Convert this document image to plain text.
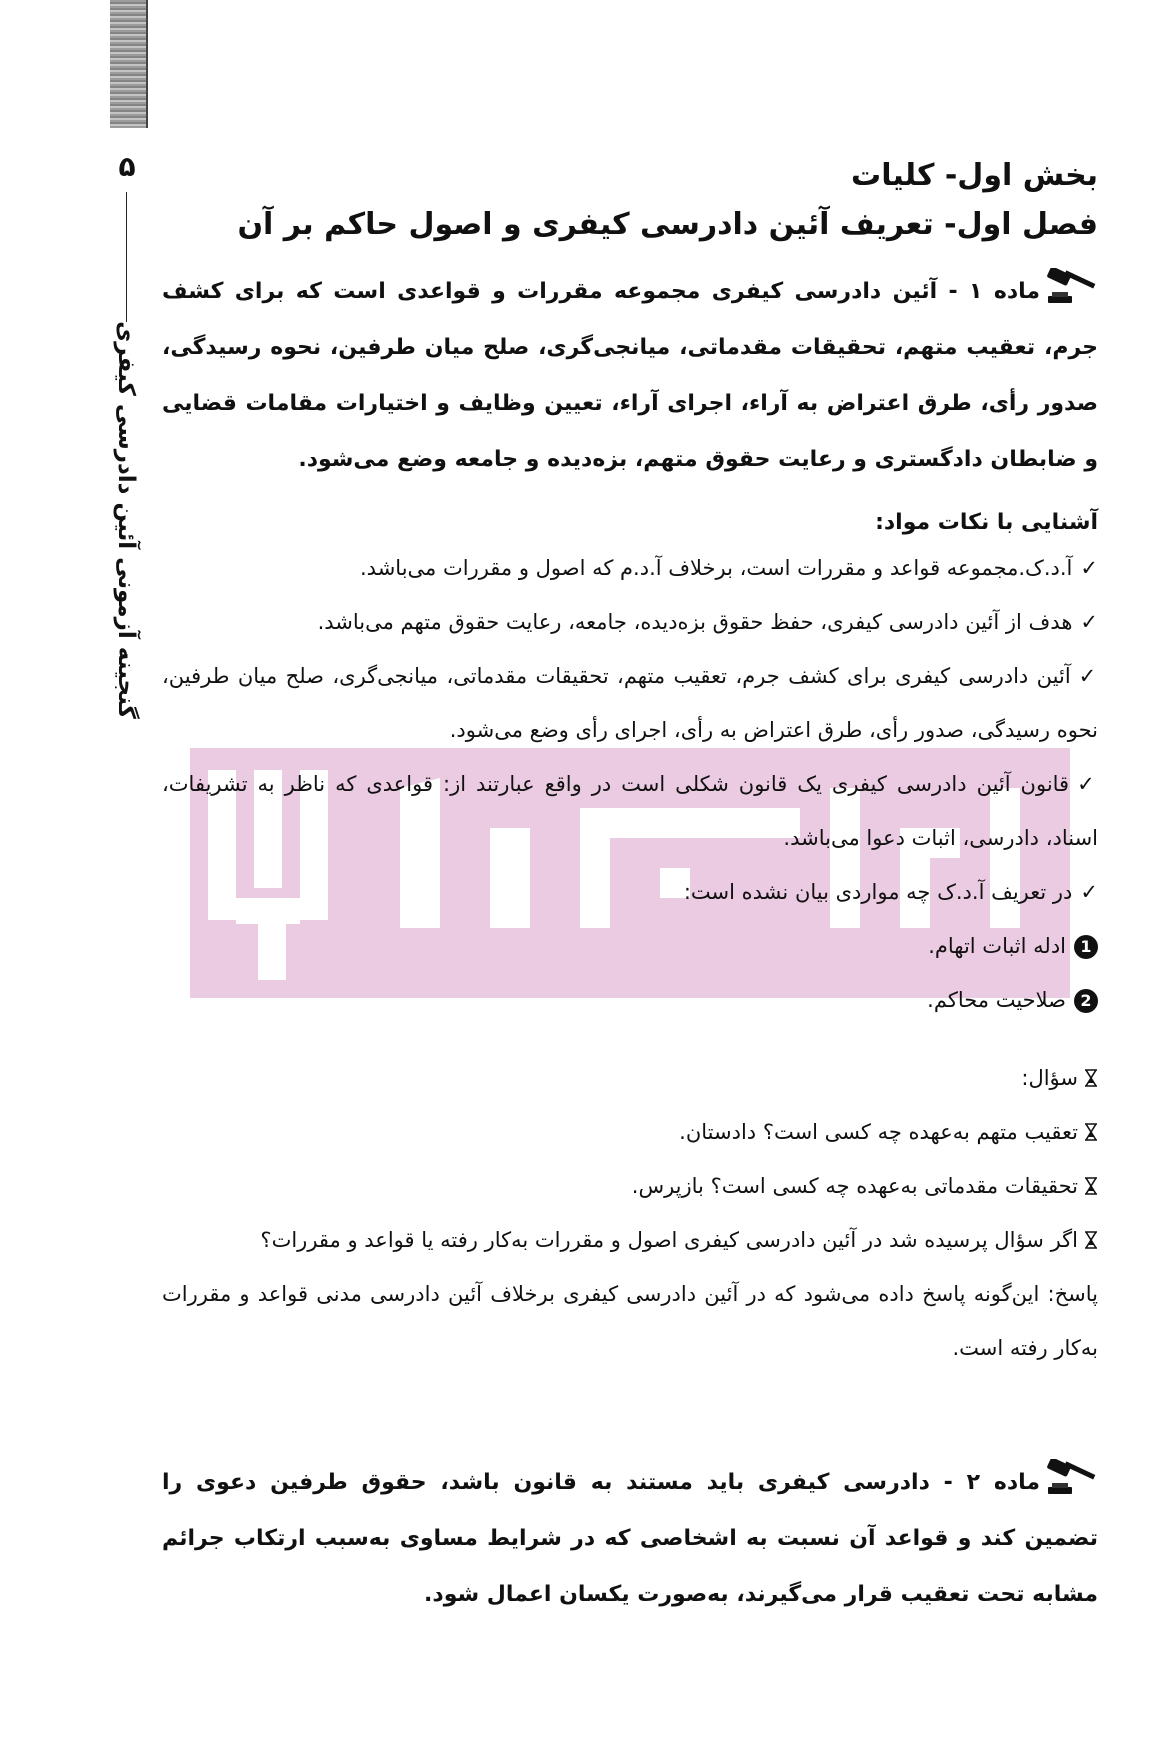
۵
گنجینه آزمونی آئین دادرسی کیفری
بخش اول- کلیات
فصل اول- تعریف آئین دادرسی کیفری و اصول حاکم بر آن

ماده ۱ - آئین دادرسی کیفری مجموعه مقررات و قواعدی است که برای کشف جرم، تعقیب متهم، تحقیقات مقدماتی، میانجی‌گری، صلح میان طرفین، نحوه رسیدگی، صدور رأی، طرق اعتراض به آراء، اجرای آراء، تعیین وظایف و اختیارات مقامات قضایی و ضابطان دادگستری و رعایت حقوق متهم، بزه‌دیده و جامعه وضع می‌شود.

آشنایی با نکات مواد:

✓آ.د.ک.مجموعه قواعد و مقررات است، برخلاف آ.د.م که اصول و مقررات می‌باشد.

✓هدف از آئین دادرسی کیفری، حفظ حقوق بزه‌دیده، جامعه، رعایت حقوق متهم می‌باشد.

✓آئین دادرسی کیفری برای کشف جرم، تعقیب متهم، تحقیقات مقدماتی، میانجی‌گری، صلح میان طرفین، نحوه رسیدگی، صدور رأی، طرق اعتراض به رأی، اجرای رأی وضع می‌شود.

✓قانون آئین دادرسی کیفری یک قانون شکلی است در واقع عبارتند از: قواعدی که ناظر به تشریفات، اسناد، دادرسی، اثبات دعوا می‌باشد.

✓در تعریف آ.د.ک چه مواردی بیان نشده است:

1ادله اثبات اتهام.

2صلاحیت محاکم.

سؤال:

تعقیب متهم به‌عهده چه کسی است؟ دادستان.

تحقیقات مقدماتی به‌عهده چه کسی است؟ بازپرس.

اگر سؤال پرسیده شد در آئین دادرسی کیفری اصول و مقررات به‌کار رفته یا قواعد و مقررات؟

پاسخ: این‌گونه پاسخ داده می‌شود که در آئین دادرسی کیفری برخلاف آئین دادرسی مدنی قواعد و مقررات به‌کار رفته است.

ماده ۲ - دادرسی کیفری باید مستند به قانون باشد، حقوق طرفین دعوی را تضمین کند و قواعد آن نسبت به اشخاصی که در شرایط مساوی به‌سبب ارتکاب جرائم مشابه تحت تعقیب قرار می‌گیرند، به‌صورت یکسان اعمال شود.
